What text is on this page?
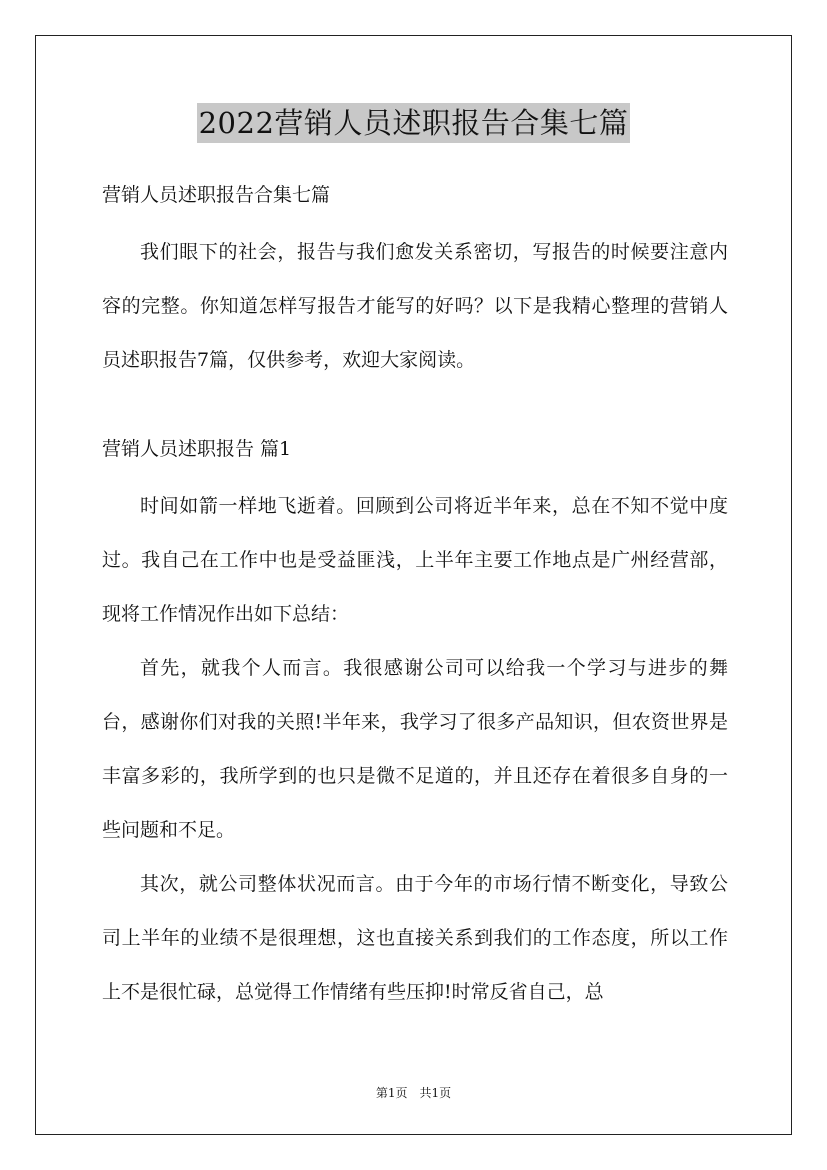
2022营销人员述职报告合集七篇

营销人员述职报告合集七篇

我们眼下的社会，报告与我们愈发关系密切，写报告的时候要注意内容的完整。你知道怎样写报告才能写的好吗？以下是我精心整理的营销人员述职报告7篇，仅供参考，欢迎大家阅读。

营销人员述职报告 篇1

时间如箭一样地飞逝着。回顾到公司将近半年来，总在不知不觉中度过。我自己在工作中也是受益匪浅，上半年主要工作地点是广州经营部，现将工作情况作出如下总结：

首先，就我个人而言。我很感谢公司可以给我一个学习与进步的舞台，感谢你们对我的关照!半年来，我学习了很多产品知识，但农资世界是丰富多彩的，我所学到的也只是微不足道的，并且还存在着很多自身的一些问题和不足。

其次，就公司整体状况而言。由于今年的市场行情不断变化，导致公司上半年的业绩不是很理想，这也直接关系到我们的工作态度，所以工作上不是很忙碌，总觉得工作情绪有些压抑!时常反省自己，总

第1页　共1页
